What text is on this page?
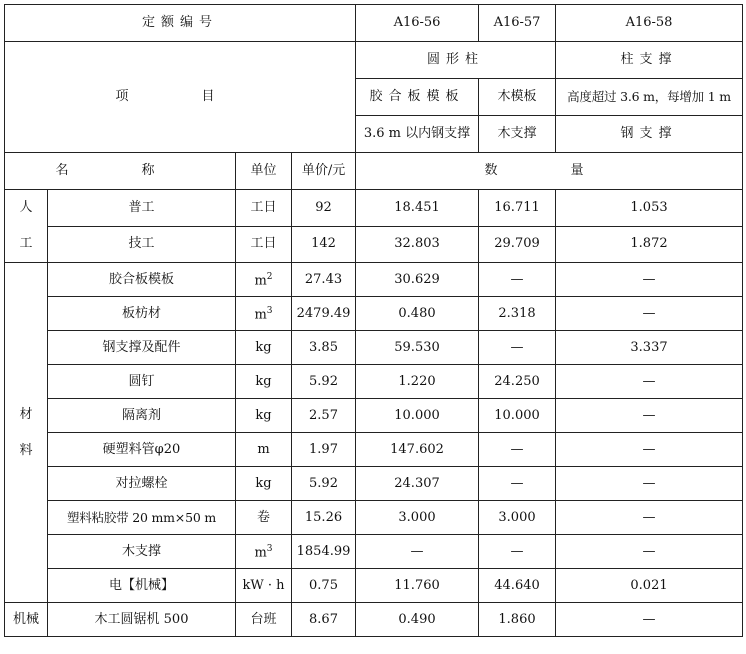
定额编号				A16-56	A16-57	A16-58
项　目				圆形柱		柱支撑
				胶合板模板	木模板	高度超过 3.6 m，每增加 1 m
				3.6 m 以内钢支撑	木支撑	钢支撑
名　称		单位	单价/元	数　量		

人
工	普工	工日	92	18.451	16.711	1.053
	技工	工日	142	32.803	29.709	1.872

材
料	胶合板模板	$m^2$	27.43	30.629	—	—
	板枋材	$m^3$	2479.49	0.480	2.318	—
	钢支撑及配件	kg	3.85	59.530	—	3.337
	圆钉	kg	5.92	1.220	24.250	—
	隔离剂	kg	2.57	10.000	10.000	—
	硬塑料管φ20	m	1.97	147.602	—	—
	对拉螺栓	kg	5.92	24.307	—	—
	塑料粘胶带 20 mm×50 m	卷	15.26	3.000	3.000	—
	木支撑	$m^3$	1854.99	—	—	—
	电【机械】	kW · h	0.75	11.760	44.640	0.021
机械	木工圆锯机 500	台班	8.67	0.490	1.860	—
